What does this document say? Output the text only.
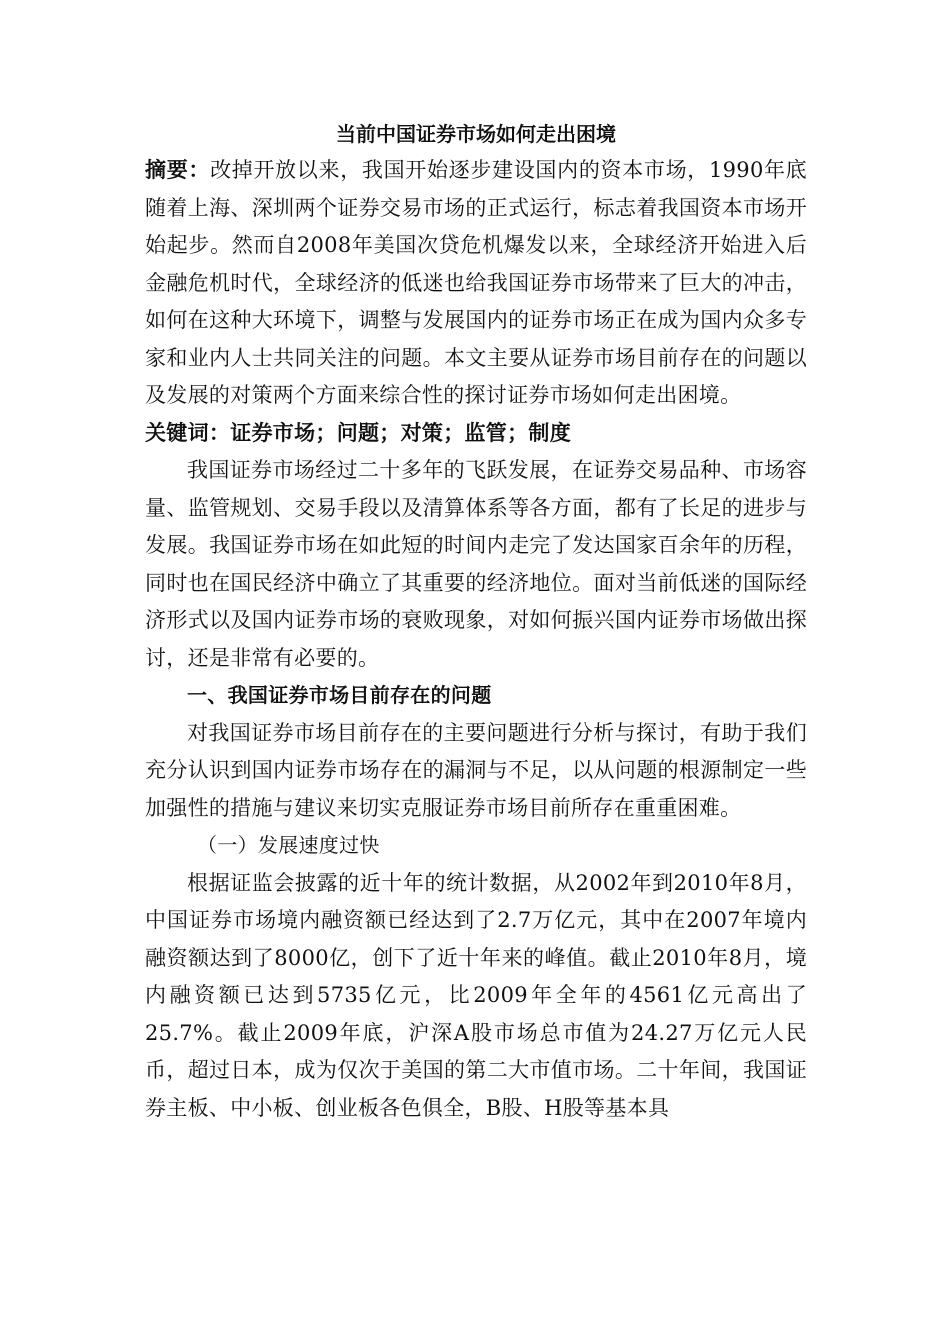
当前中国证券市场如何走出困境

摘要：改掉开放以来，我国开始逐步建设国内的资本市场，1990年底随着上海、深圳两个证券交易市场的正式运行，标志着我国资本市场开始起步。然而自2008年美国次贷危机爆发以来，全球经济开始进入后金融危机时代，全球经济的低迷也给我国证券市场带来了巨大的冲击，如何在这种大环境下，调整与发展国内的证券市场正在成为国内众多专家和业内人士共同关注的问题。本文主要从证券市场目前存在的问题以及发展的对策两个方面来综合性的探讨证券市场如何走出困境。

关键词：证券市场；问题；对策；监管；制度

我国证券市场经过二十多年的飞跃发展，在证券交易品种、市场容量、监管规划、交易手段以及清算体系等各方面，都有了长足的进步与发展。我国证券市场在如此短的时间内走完了发达国家百余年的历程，同时也在国民经济中确立了其重要的经济地位。面对当前低迷的国际经济形式以及国内证券市场的衰败现象，对如何振兴国内证券市场做出探讨，还是非常有必要的。

一、我国证券市场目前存在的问题

对我国证券市场目前存在的主要问题进行分析与探讨，有助于我们充分认识到国内证券市场存在的漏洞与不足，以从问题的根源制定一些加强性的措施与建议来切实克服证券市场目前所存在重重困难。

（一）发展速度过快

根据证监会披露的近十年的统计数据，从2002年到2010年8月，中国证券市场境内融资额已经达到了2.7万亿元，其中在2007年境内融资额达到了8000亿，创下了近十年来的峰值。截止2010年8月，境内融资额已达到5735亿元，比2009年全年的4561亿元高出了25.7%。截止2009年底，沪深A股市场总市值为24.27万亿元人民币，超过日本，成为仅次于美国的第二大市值市场。二十年间，我国证券主板、中小板、创业板各色俱全，B股、H股等基本具
